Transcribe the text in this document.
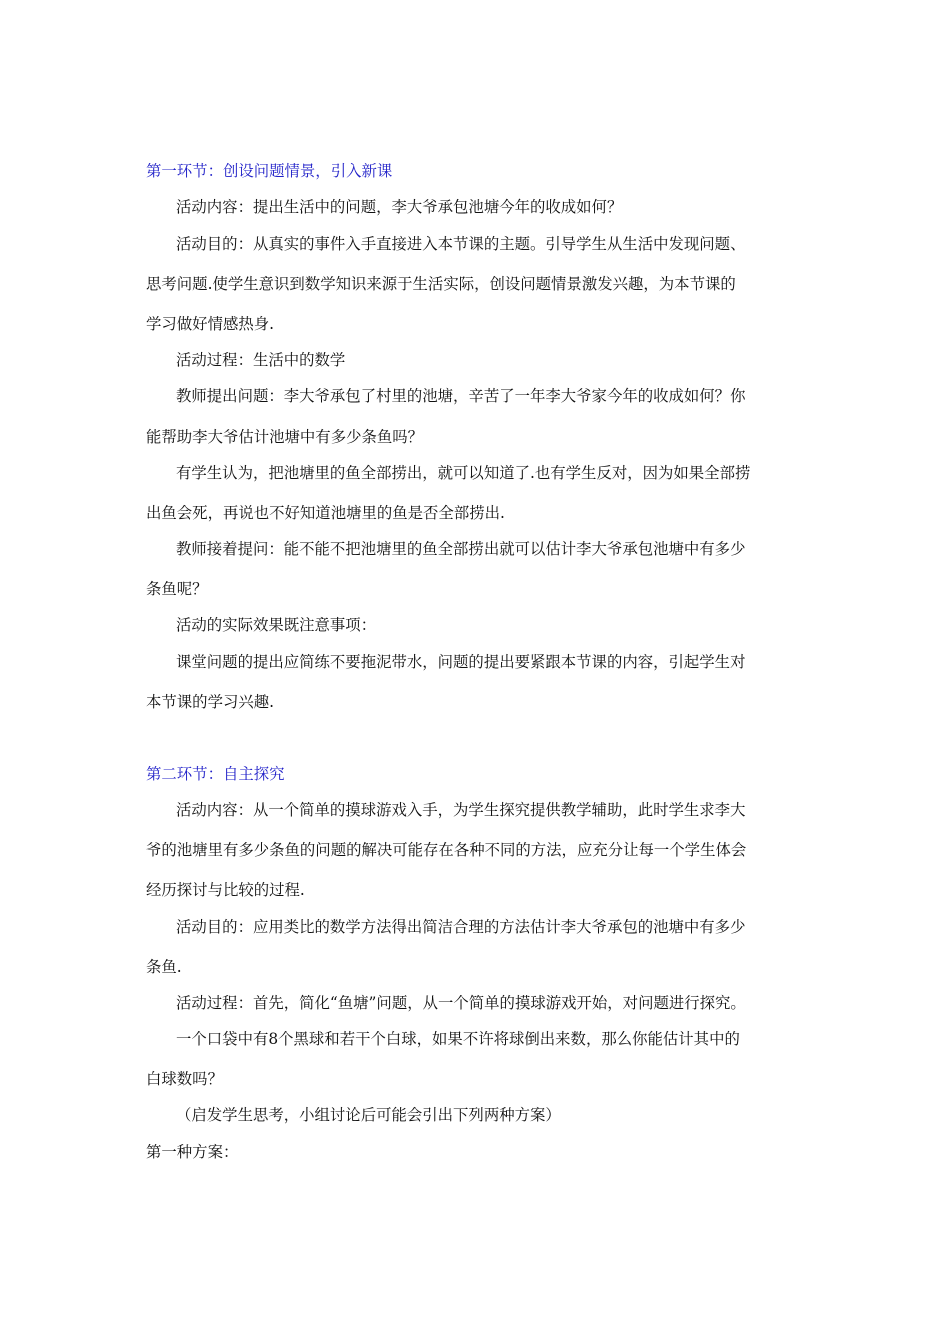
第一环节：创设问题情景，引入新课

活动内容：提出生活中的问题，李大爷承包池塘今年的收成如何？

活动目的：从真实的事件入手直接进入本节课的主题。引导学生从生活中发现问题、

思考问题.使学生意识到数学知识来源于生活实际，创设问题情景激发兴趣，为本节课的

学习做好情感热身.

活动过程：生活中的数学

教师提出问题：李大爷承包了村里的池塘，辛苦了一年李大爷家今年的收成如何？你

能帮助李大爷估计池塘中有多少条鱼吗？

有学生认为，把池塘里的鱼全部捞出，就可以知道了.也有学生反对，因为如果全部捞

出鱼会死，再说也不好知道池塘里的鱼是否全部捞出.

教师接着提问：能不能不把池塘里的鱼全部捞出就可以估计李大爷承包池塘中有多少

条鱼呢？

活动的实际效果既注意事项：

课堂问题的提出应简练不要拖泥带水，问题的提出要紧跟本节课的内容，引起学生对

本节课的学习兴趣.

第二环节：自主探究

活动内容：从一个简单的摸球游戏入手，为学生探究提供教学辅助，此时学生求李大

爷的池塘里有多少条鱼的问题的解决可能存在各种不同的方法，应充分让每一个学生体会

经历探讨与比较的过程.

活动目的：应用类比的数学方法得出简洁合理的方法估计李大爷承包的池塘中有多少

条鱼.

活动过程：首先，简化“鱼塘”问题，从一个简单的摸球游戏开始，对问题进行探究。

一个口袋中有8个黑球和若干个白球，如果不许将球倒出来数，那么你能估计其中的

白球数吗？

（启发学生思考，小组讨论后可能会引出下列两种方案）

第一种方案：
